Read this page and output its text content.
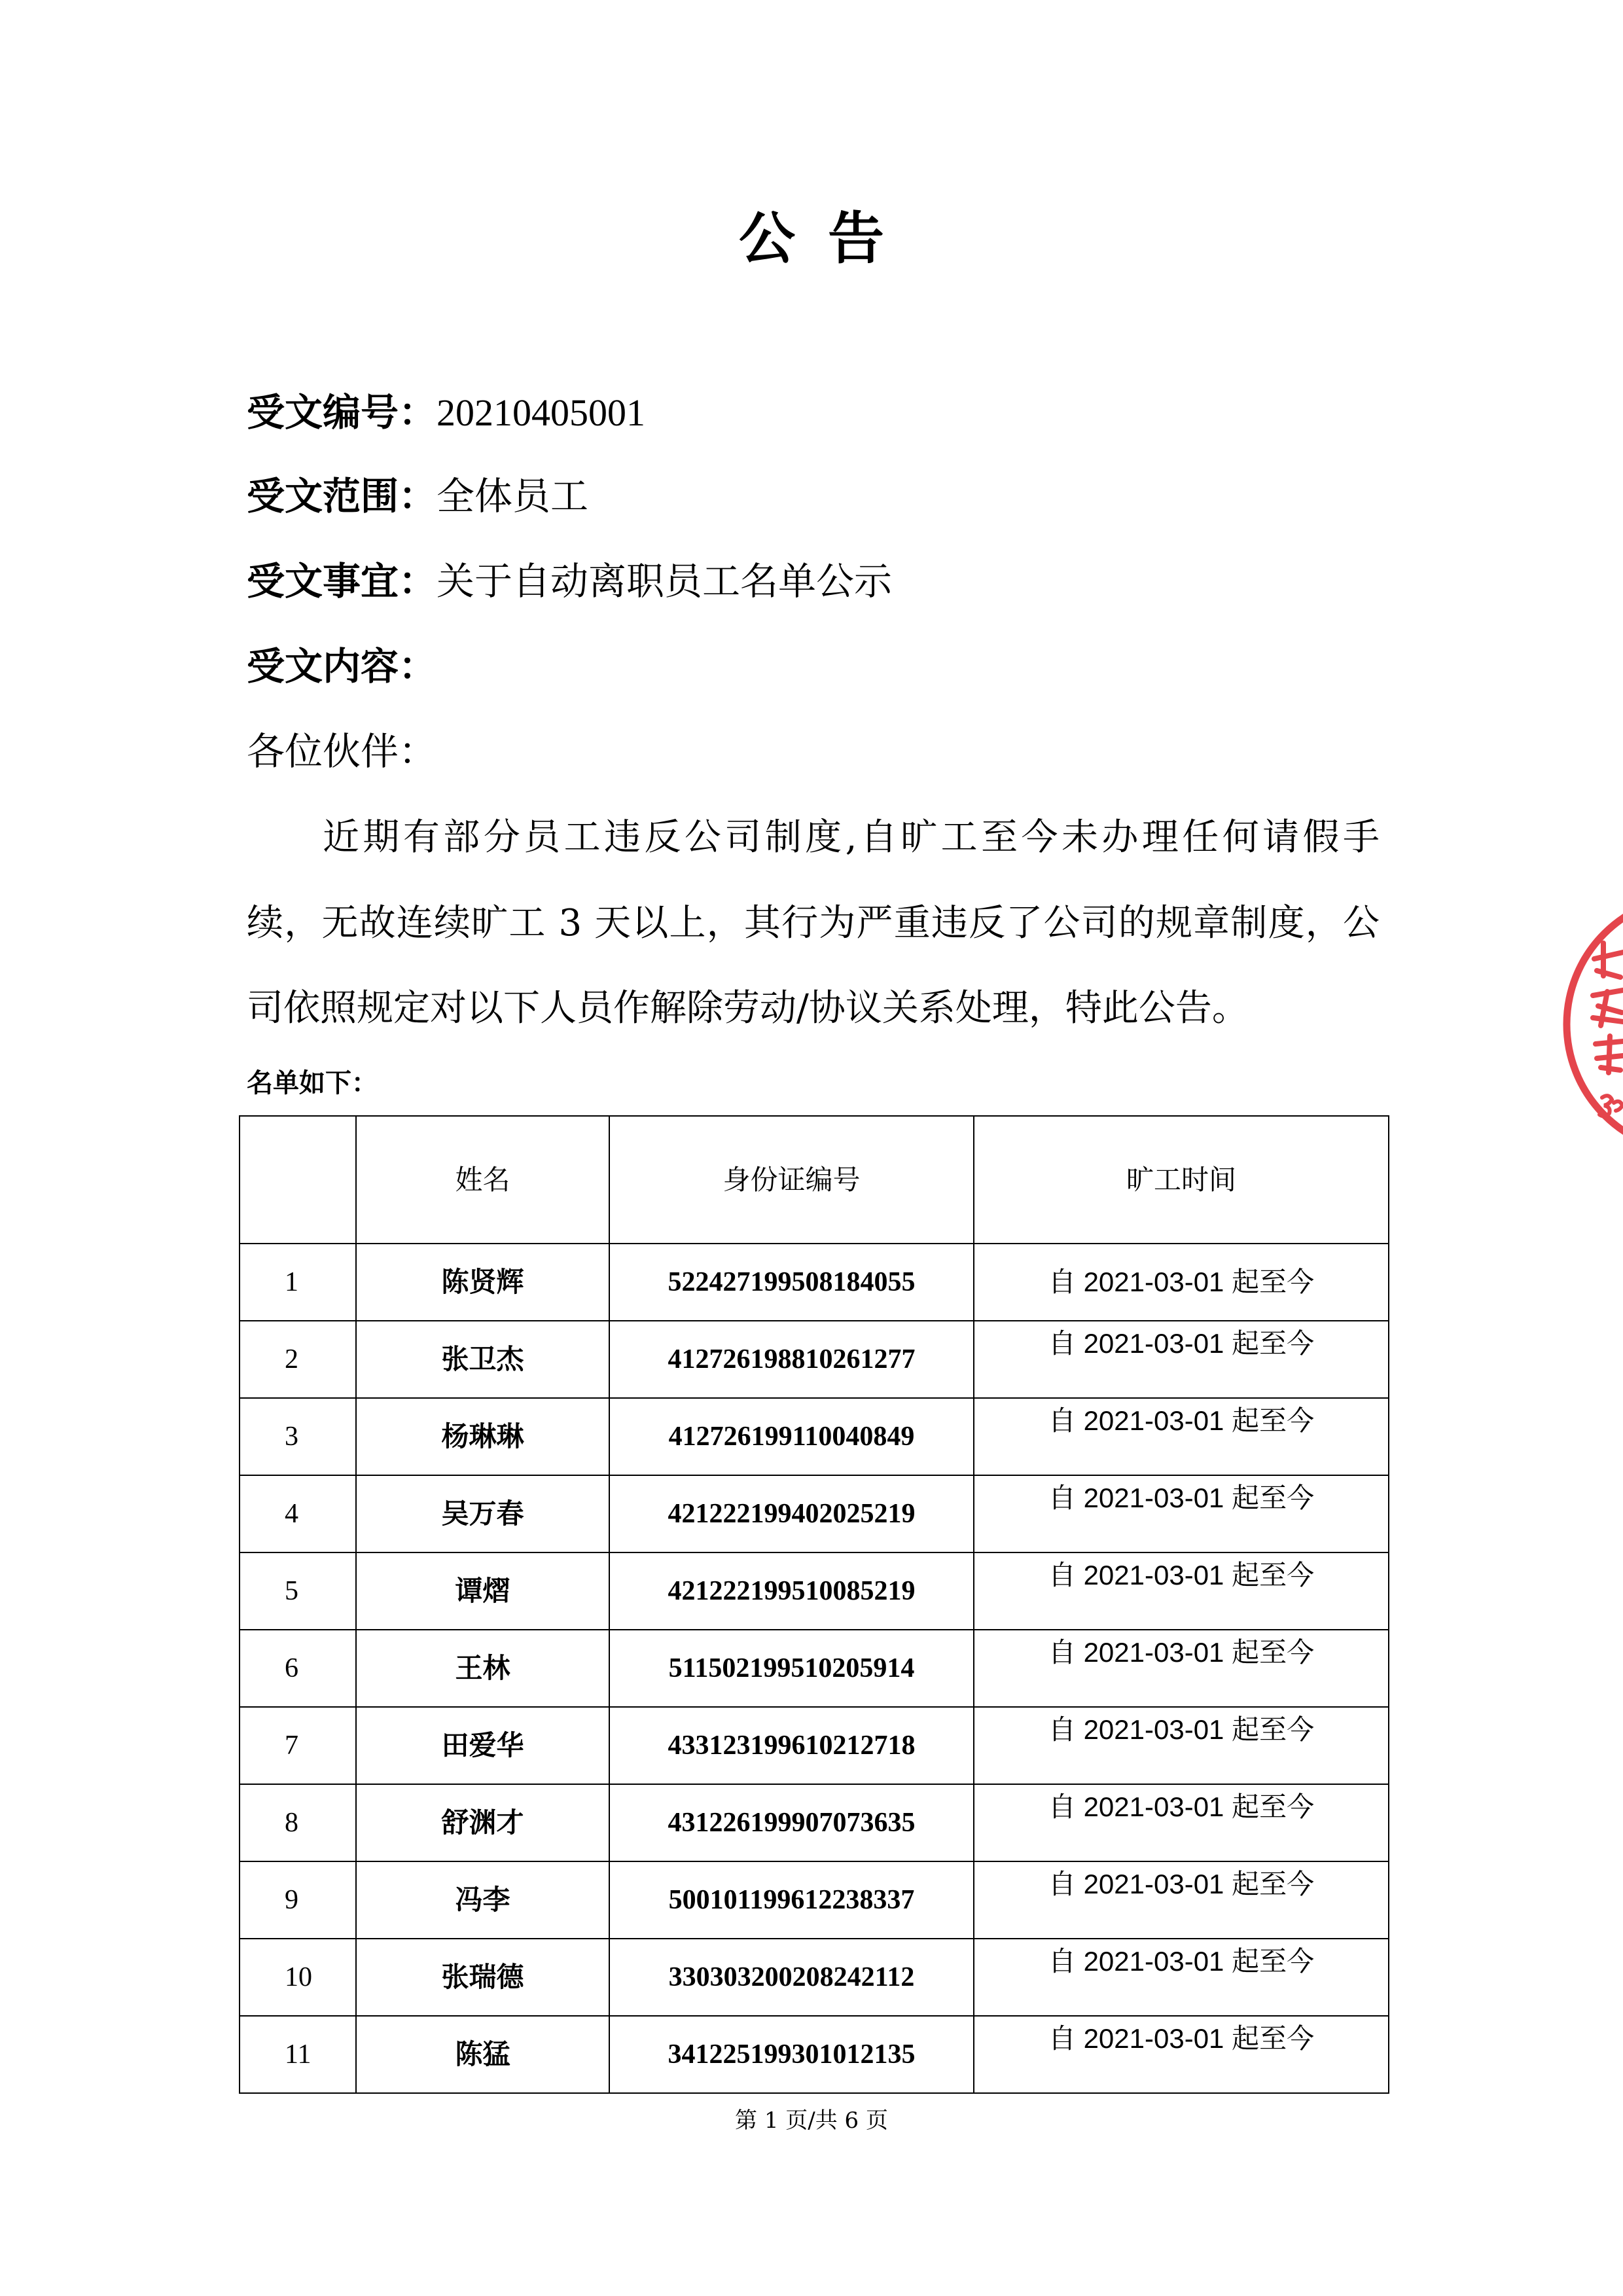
公 告
受文编号：20210405001
受文范围：全体员工
受文事宜：关于自动离职员工名单公示
受文内容：
各位伙伴：
近期有部分员工违反公司制度,自旷工至今未办理任何请假手
续，无故连续旷工 3 天以上，其行为严重违反了公司的规章制度，公
司依照规定对以下人员作解除劳动/协议关系处理，特此公告。
名单如下：
	姓名	身份证编号	旷工时间
1	陈贤辉	522427199508184055	自 2021-03-01 起至今
2	张卫杰	412726198810261277	自 2021-03-01 起至今
3	杨琳琳	412726199110040849	自 2021-03-01 起至今
4	吴万春	421222199402025219	自 2021-03-01 起至今
5	谭熠	421222199510085219	自 2021-03-01 起至今
6	王林	511502199510205914	自 2021-03-01 起至今
7	田爱华	433123199610212718	自 2021-03-01 起至今
8	舒渊才	431226199907073635	自 2021-03-01 起至今
9	冯李	500101199612238337	自 2021-03-01 起至今
10	张瑞德	330303200208242112	自 2021-03-01 起至今
11	陈猛	341225199301012135	自 2021-03-01 起至今
第 1 页/共 6 页
